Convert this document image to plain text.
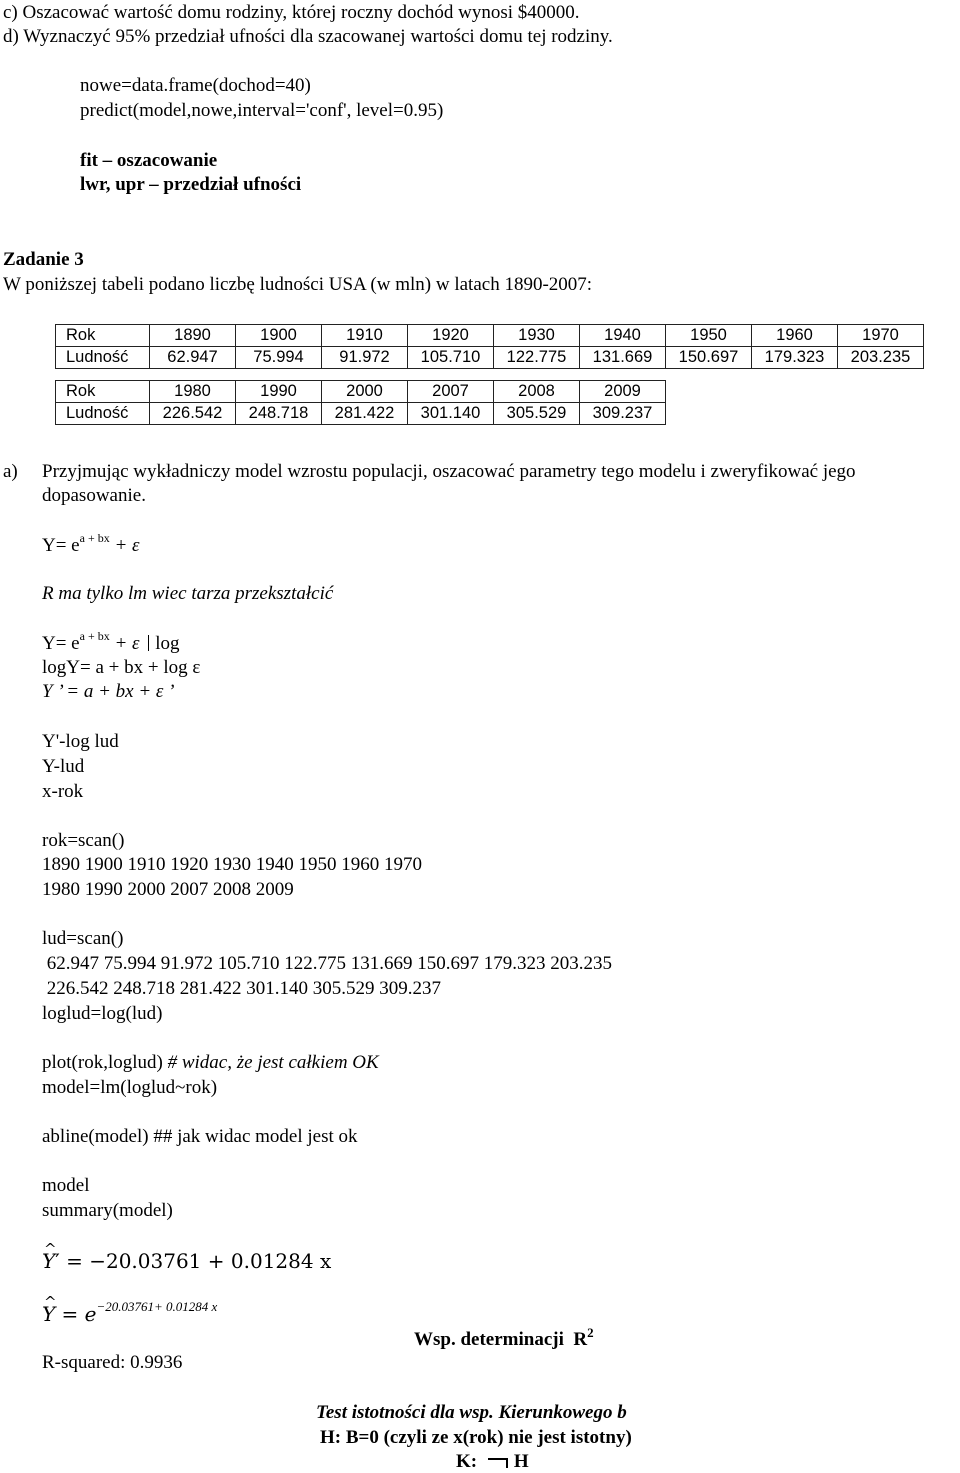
c) Oszacować wartość domu rodziny, której roczny dochód wynosi $40000.
d) Wyznaczyć 95% przedział ufności dla szacowanej wartości domu tej rodziny.
nowe=data.frame(dochod=40)
predict(model,nowe,interval='conf', level=0.95)
fit – oszacowanie
lwr, upr – przedział ufności
Zadanie 3
W poniższej tabeli podano liczbę ludności USA (w mln) w latach 1890-2007:
Rok	1890	1900	1910	1920	1930	1940	1950	1960	1970
Ludność	62.947	75.994	91.972	105.710	122.775	131.669	150.697	179.323	203.235
Rok	1980	1990	2000	2007	2008	2009
Ludność	226.542	248.718	281.422	301.140	305.529	309.237
a) Przyjmując wykładniczy model wzrostu populacji, oszacować parametry tego modelu i zweryfikować jego
dopasowanie.
$Y= e^{a + bx} + \varepsilon$
R ma tylko lm wiec tarza przekształcić
$Y= e^{a + bx} + \varepsilon$ log
logY= a + bx + log ε
Y ’ = a + bx + ε ’
Y'-log lud
Y-lud
x-rok
rok=scan()
1890 1900 1910 1920 1930 1940 1950 1960 1970
1980 1990 2000 2007 2008 2009
lud=scan()
62.947 75.994 91.972 105.710 122.775 131.669 150.697 179.323 203.235
226.542 248.718 281.422 301.140 305.529 309.237
loglud=log(lud)
plot(rok,loglud) # widac, że jest całkiem OK
model=lm(loglud~rok)
abline(model) ## jak widac model jest ok
model
summary(model)
^ Y′ = −20.03761 + 0.01284 x
^ $Y = e^{-20.03761+ 0.01284 x}$
Wsp. determinacji  $R^2$
R-squared: 0.9936
Test istotności dla wsp. Kierunkowego b
H: B=0 (czyli ze x(rok) nie jest istotny)
K: H
